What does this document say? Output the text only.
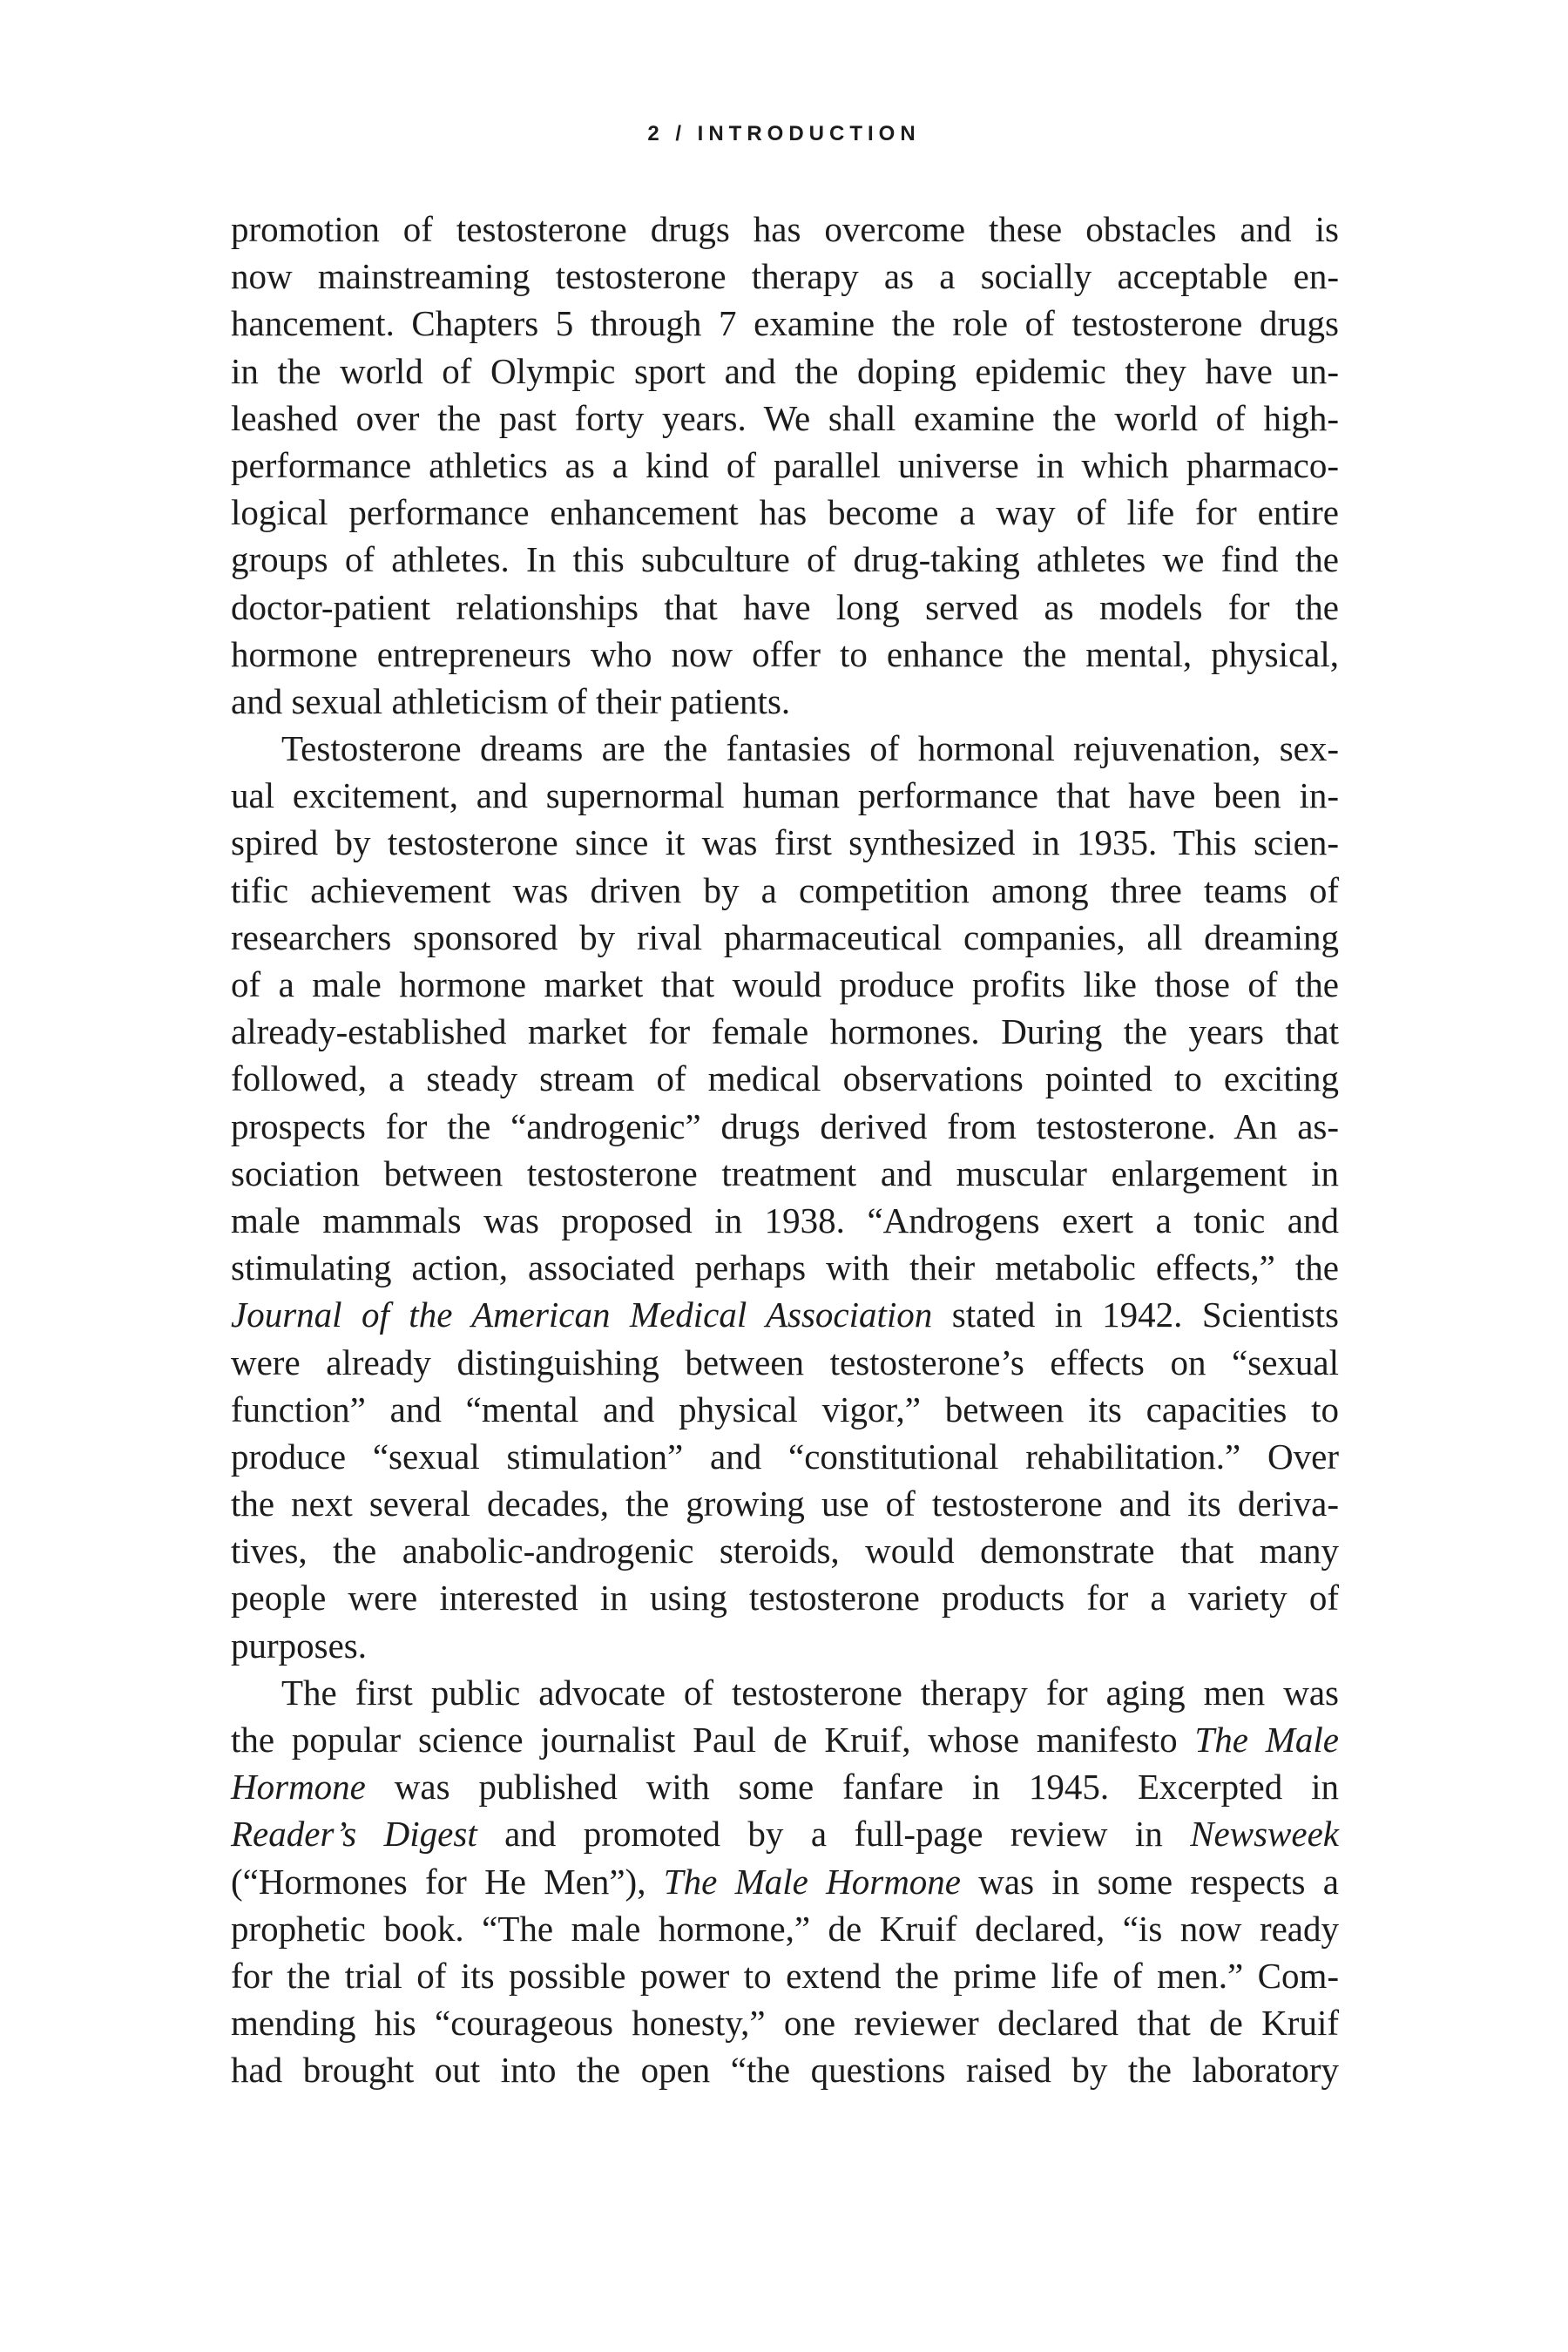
2 / INTRODUCTION
promotion of testosterone drugs has overcome these obstacles and is
now mainstreaming testosterone therapy as a socially acceptable en-
hancement. Chapters 5 through 7 examine the role of testosterone drugs
in the world of Olympic sport and the doping epidemic they have un-
leashed over the past forty years. We shall examine the world of high-
performance athletics as a kind of parallel universe in which pharmaco-
logical performance enhancement has become a way of life for entire
groups of athletes. In this subculture of drug-taking athletes we find the
doctor-patient relationships that have long served as models for the
hormone entrepreneurs who now offer to enhance the mental, physical,
and sexual athleticism of their patients.
Testosterone dreams are the fantasies of hormonal rejuvenation, sex-
ual excitement, and supernormal human performance that have been in-
spired by testosterone since it was first synthesized in 1935. This scien-
tific achievement was driven by a competition among three teams of
researchers sponsored by rival pharmaceutical companies, all dreaming
of a male hormone market that would produce profits like those of the
already-established market for female hormones. During the years that
followed, a steady stream of medical observations pointed to exciting
prospects for the “androgenic” drugs derived from testosterone. An as-
sociation between testosterone treatment and muscular enlargement in
male mammals was proposed in 1938. “Androgens exert a tonic and
stimulating action, associated perhaps with their metabolic effects,” the
Journal of the American Medical Association stated in 1942. Scientists
were already distinguishing between testosterone’s effects on “sexual
function” and “mental and physical vigor,” between its capacities to
produce “sexual stimulation” and “constitutional rehabilitation.” Over
the next several decades, the growing use of testosterone and its deriva-
tives, the anabolic-androgenic steroids, would demonstrate that many
people were interested in using testosterone products for a variety of
purposes.
The first public advocate of testosterone therapy for aging men was
the popular science journalist Paul de Kruif, whose manifesto The Male
Hormone was published with some fanfare in 1945. Excerpted in
Reader’s Digest and promoted by a full-page review in Newsweek
(“Hormones for He Men”), The Male Hormone was in some respects a
prophetic book. “The male hormone,” de Kruif declared, “is now ready
for the trial of its possible power to extend the prime life of men.” Com-
mending his “courageous honesty,” one reviewer declared that de Kruif
had brought out into the open “the questions raised by the laboratory
